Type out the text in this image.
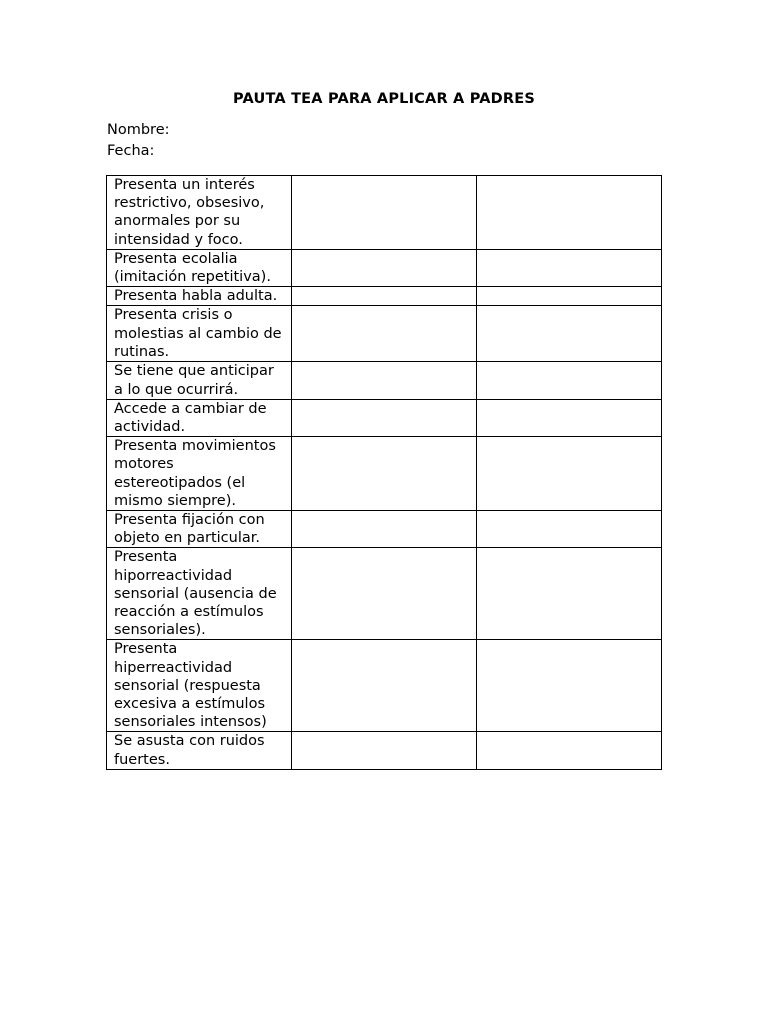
PAUTA TEA PARA APLICAR A PADRES
Nombre:
Fecha:
Presenta un interés restrictivo, obsesivo, anormales por su intensidad y foco.		
Presenta ecolalia (imitación repetitiva).		
Presenta habla adulta.		
Presenta crisis o molestias al cambio de rutinas.		
Se tiene que anticipar a lo que ocurrirá.		
Accede a cambiar de actividad.		
Presenta movimientos motores estereotipados (el mismo siempre).		
Presenta fijación con objeto en particular.		
Presenta hiporreactividad sensorial (ausencia de reacción a estímulos sensoriales).		
Presenta hiperreactividad sensorial (respuesta excesiva a estímulos sensoriales intensos)		
Se asusta con ruidos fuertes.		
